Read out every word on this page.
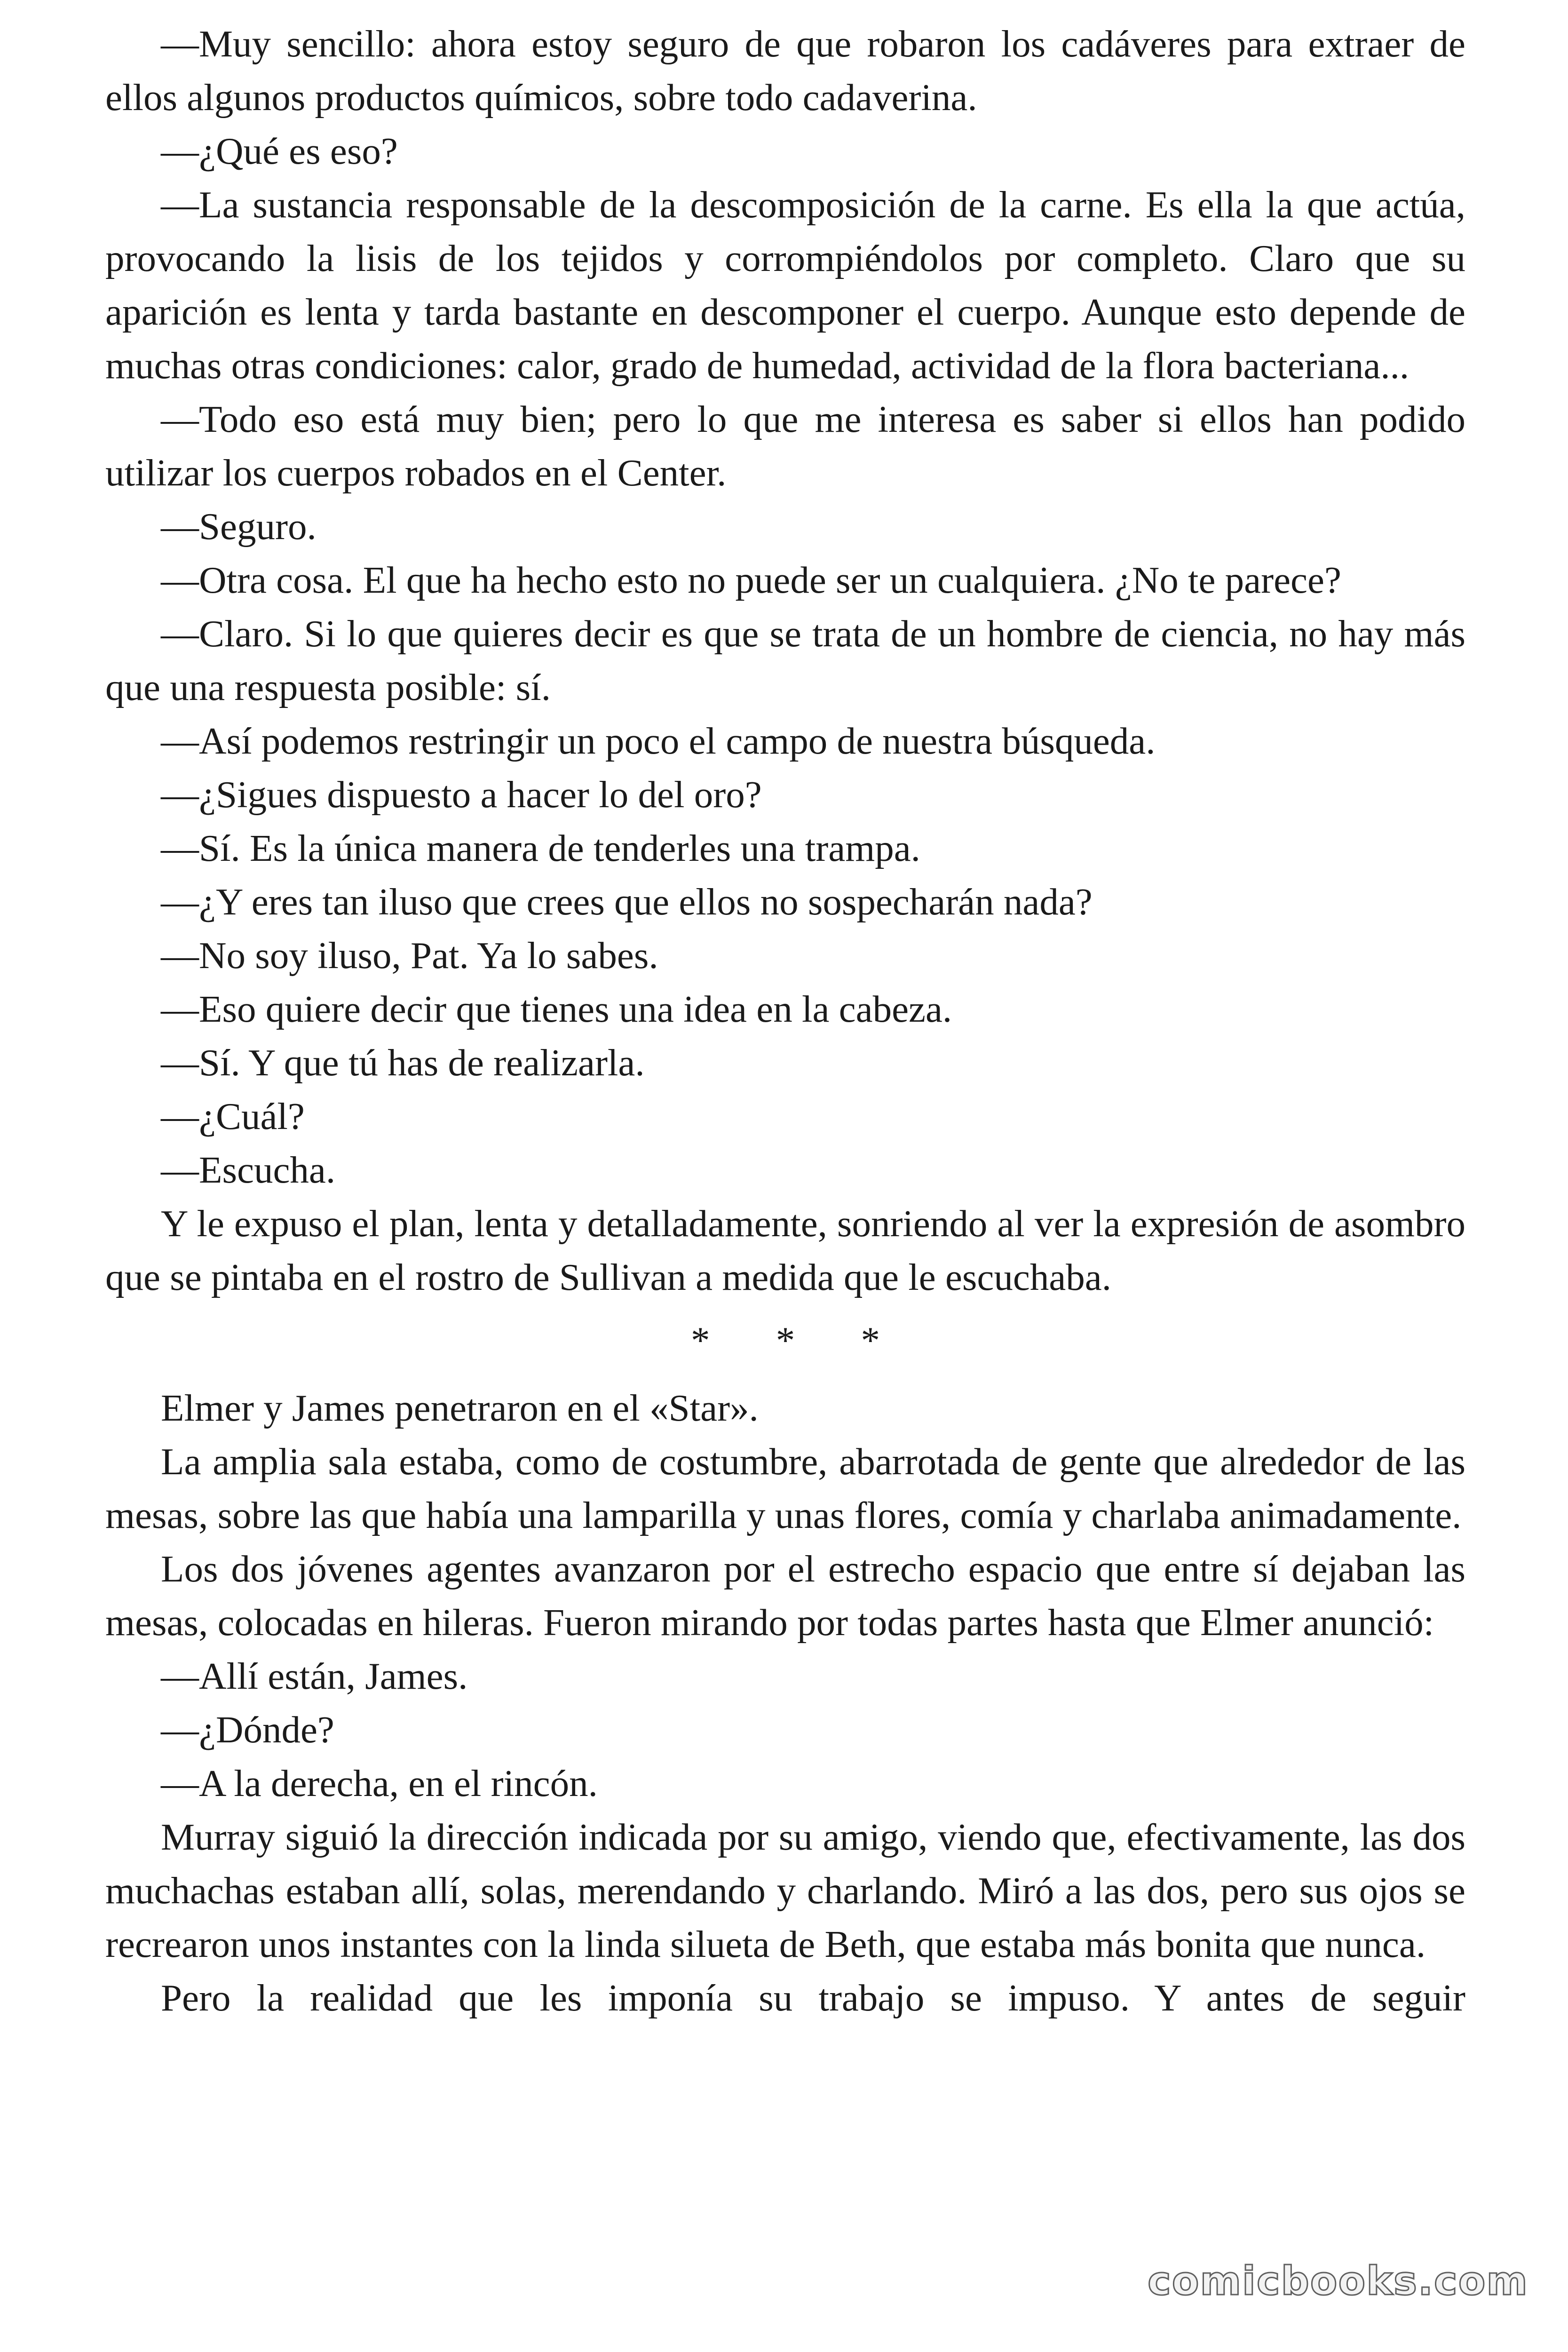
—Muy sencillo: ahora estoy seguro de que robaron los cadáveres para extraer de ellos algunos productos químicos, sobre todo cadaverina.

—¿Qué es eso?

—La sustancia responsable de la descomposición de la carne. Es ella la que actúa, provocando la lisis de los tejidos y corrompiéndolos por completo. Claro que su aparición es lenta y tarda bastante en descomponer el cuerpo. Aunque esto depende de muchas otras condiciones: calor, grado de humedad, actividad de la flora bacteriana...

—Todo eso está muy bien; pero lo que me interesa es saber si ellos han podido utilizar los cuerpos robados en el Center.

—Seguro.

—Otra cosa. El que ha hecho esto no puede ser un cualquiera. ¿No te parece?

—Claro. Si lo que quieres decir es que se trata de un hombre de ciencia, no hay más que una respuesta posible: sí.

—Así podemos restringir un poco el campo de nuestra búsqueda.

—¿Sigues dispuesto a hacer lo del oro?

—Sí. Es la única manera de tenderles una trampa.

—¿Y eres tan iluso que crees que ellos no sospecharán nada?

—No soy iluso, Pat. Ya lo sabes.

—Eso quiere decir que tienes una idea en la cabeza.

—Sí. Y que tú has de realizarla.

—¿Cuál?

—Escucha.

Y le expuso el plan, lenta y detalladamente, sonriendo al ver la expresión de asombro que se pintaba en el rostro de Sullivan a medida que le escuchaba.

* * *

Elmer y James penetraron en el «Star».

La amplia sala estaba, como de costumbre, abarrotada de gente que alrededor de las mesas, sobre las que había una lamparilla y unas flores, comía y charlaba animadamente.

Los dos jóvenes agentes avanzaron por el estrecho espacio que entre sí dejaban las mesas, colocadas en hileras. Fueron mirando por todas partes hasta que Elmer anunció:

—Allí están, James.

—¿Dónde?

—A la derecha, en el rincón.

Murray siguió la dirección indicada por su amigo, viendo que, efectivamente, las dos muchachas estaban allí, solas, merendando y charlando. Miró a las dos, pero sus ojos se recrearon unos instantes con la linda silueta de Beth, que estaba más bonita que nunca.

Pero la realidad que les imponía su trabajo se impuso. Y antes de seguir

comicbooks.com
